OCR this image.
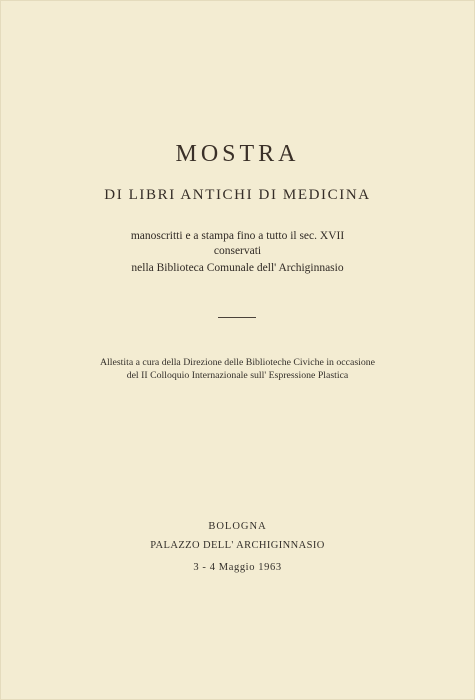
MOSTRA
DI LIBRI ANTICHI DI MEDICINA
manoscritti e a stampa fino a tutto il sec. XVII
conservati
nella Biblioteca Comunale dell' Archiginnasio
Allestita a cura della Direzione delle Biblioteche Civiche in occasione
del II Colloquio Internazionale sull' Espressione Plastica
BOLOGNA
PALAZZO DELL' ARCHIGINNASIO
3 - 4 Maggio 1963
